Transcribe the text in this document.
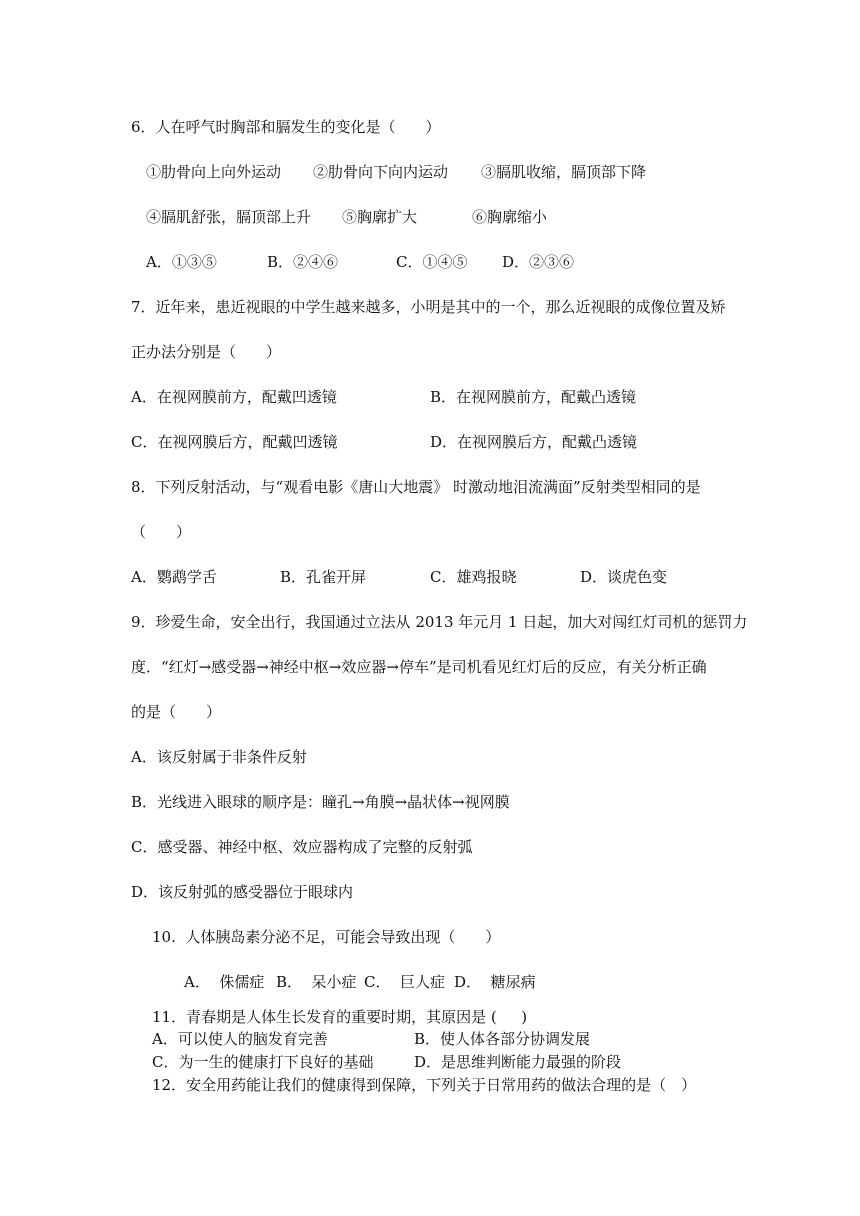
6．人在呼气时胸部和膈发生的变化是（　　）

①肋骨向上向外运动 ②肋骨向下向内运动 ③膈肌收缩，膈顶部下降

④膈肌舒张，膈顶部上升 ⑤胸廓扩大	⑥胸廓缩小

A．①③⑤	B．②④⑥	C．①④⑤ D．②③⑥

7．近年来，患近视眼的中学生越来越多，小明是其中的一个，那么近视眼的成像位置及矫

正办法分别是（　　）

A．在视网膜前方，配戴凹透镜	B．在视网膜前方，配戴凸透镜

C．在视网膜后方，配戴凹透镜	D．在视网膜后方，配戴凸透镜

8．下列反射活动，与“观看电影《唐山大地震》 时激动地泪流满面”反射类型相同的是

（　　）

A．鹦鹉学舌	B．孔雀开屏	C．雄鸡报晓	D．谈虎色变

9．珍爱生命，安全出行，我国通过立法从 2013 年元月 1 日起，加大对闯红灯司机的惩罚力

度．“红灯→感受器→神经中枢→效应器→停车”是司机看见红灯后的反应，有关分析正确

的是（　　）

A．该反射属于非条件反射

B．光线进入眼球的顺序是：瞳孔→角膜→晶状体→视网膜

C．感受器、神经中枢、效应器构成了完整的反射弧

D．该反射弧的感受器位于眼球内

10.  人体胰岛素分泌不足，可能会导致出现（　　）

A．  侏儒症 B．  呆小症 C．  巨人症 D．  糖尿病

11．青春期是人体生长发育的重要时期，其原因是 (　  )

A．可以使人的脑发育完善	B．使人体各部分协调发展

C．为一生的健康打下良好的基础	D．是思维判断能力最强的阶段

12．安全用药能让我们的健康得到保障，下列关于日常用药的做法合理的是（　）
